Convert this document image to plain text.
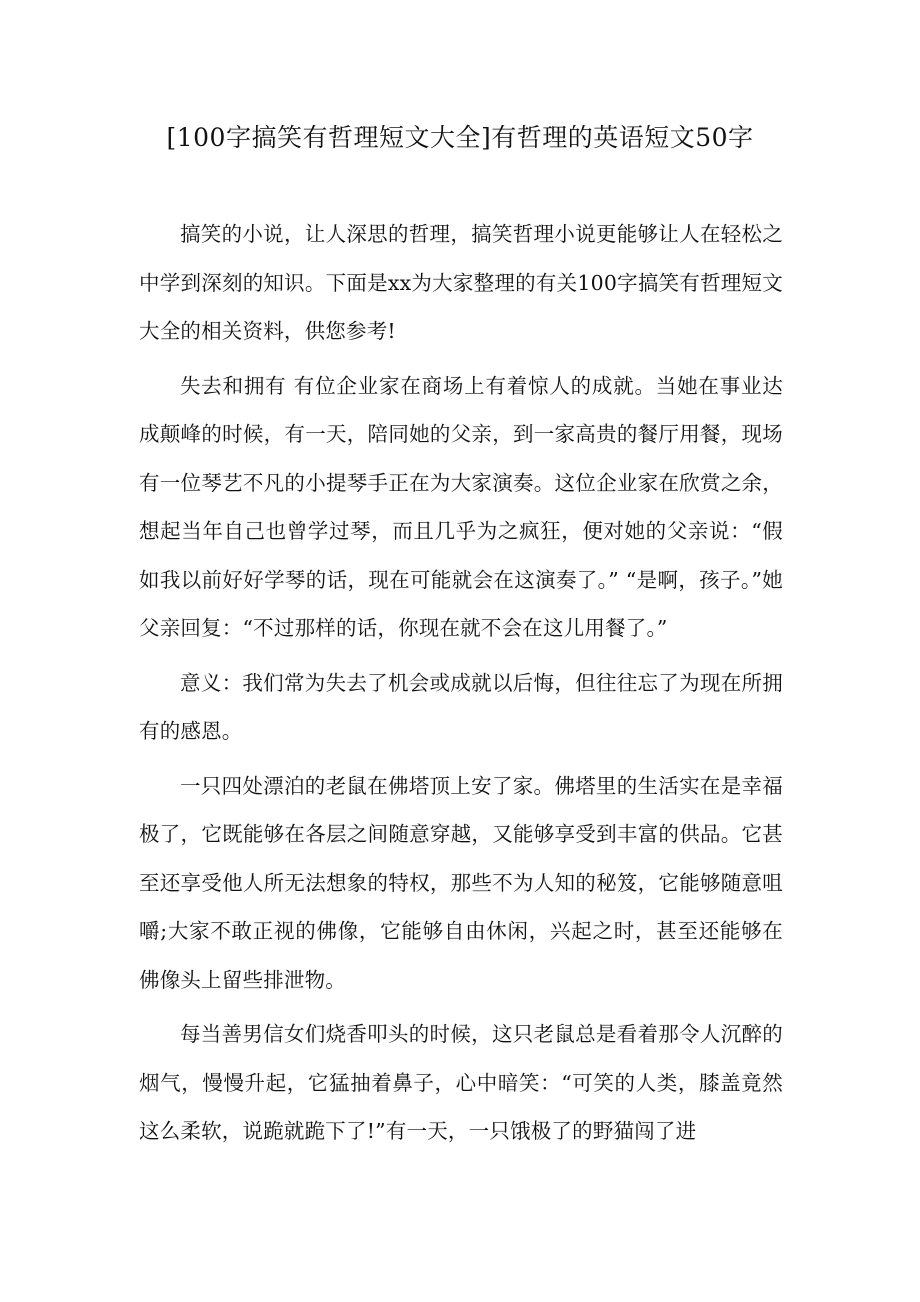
[100字搞笑有哲理短文大全]有哲理的英语短文50字

搞笑的小说，让人深思的哲理，搞笑哲理小说更能够让人在轻松之中学到深刻的知识。下面是xx为大家整理的有关100字搞笑有哲理短文大全的相关资料，供您参考!

失去和拥有 有位企业家在商场上有着惊人的成就。当她在事业达成颠峰的时候，有一天，陪同她的父亲，到一家高贵的餐厅用餐，现场有一位琴艺不凡的小提琴手正在为大家演奏。这位企业家在欣赏之余，想起当年自己也曾学过琴，而且几乎为之疯狂，便对她的父亲说：“假如我以前好好学琴的话，现在可能就会在这演奏了。” “是啊，孩子。”她父亲回复：“不过那样的话，你现在就不会在这儿用餐了。”

意义：我们常为失去了机会或成就以后悔，但往往忘了为现在所拥有的感恩。

一只四处漂泊的老鼠在佛塔顶上安了家。佛塔里的生活实在是幸福极了，它既能够在各层之间随意穿越，又能够享受到丰富的供品。它甚至还享受他人所无法想象的特权，那些不为人知的秘笈，它能够随意咀嚼;大家不敢正视的佛像，它能够自由休闲，兴起之时，甚至还能够在佛像头上留些排泄物。

每当善男信女们烧香叩头的时候，这只老鼠总是看着那令人沉醉的烟气，慢慢升起，它猛抽着鼻子，心中暗笑：“可笑的人类，膝盖竟然这么柔软，说跪就跪下了!”有一天，一只饿极了的野猫闯了进
